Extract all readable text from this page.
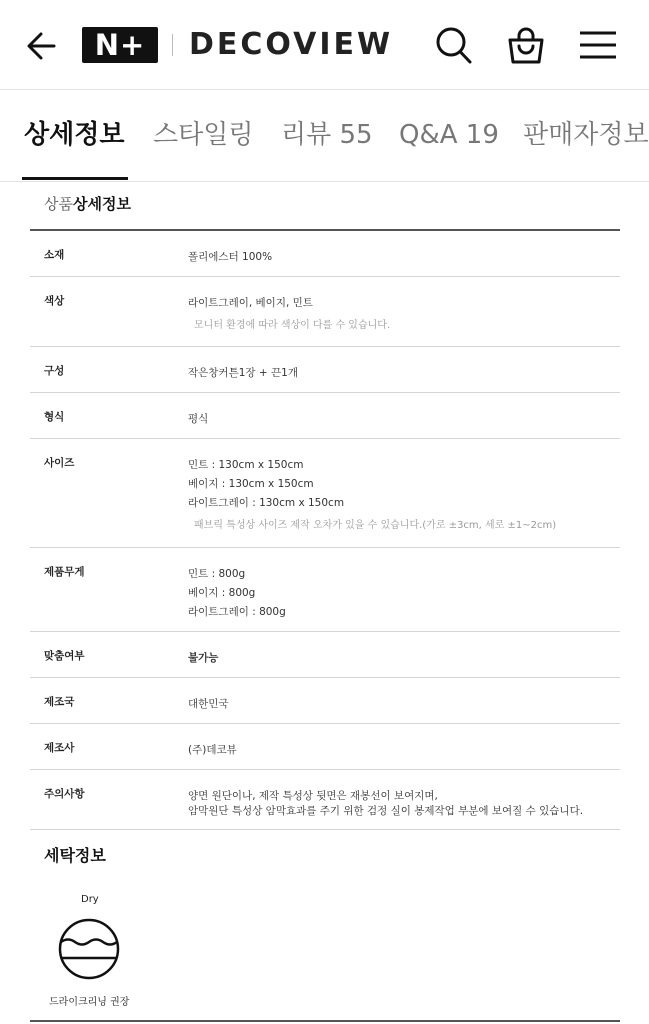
N+	DECOVIEW
상세정보 스타일링 리뷰 55 Q&A 19 판매자정보
상품상세정보
소재	폴리에스터 100%
색상	라이트그레이, 베이지, 민트
모니터 환경에 따라 색상이 다를 수 있습니다.
구성	작은창커튼1장 + 끈1개
형식	평식
사이즈	민트 : 130cm x 150cm
베이지 : 130cm x 150cm
라이트그레이 : 130cm x 150cm
패브릭 특성상 사이즈 제작 오차가 있을 수 있습니다.(가로 ±3cm, 세로 ±1~2cm)
제품무게	민트 : 800g
베이지 : 800g
라이트그레이 : 800g
맞춤여부	불가능
제조국	대한민국
제조사	(주)데코뷰
주의사항	양면 원단이나, 제작 특성상 뒷면은 재봉선이 보여지며,
암막원단 특성상 암막효과를 주기 위한 검정 실이 봉제작업 부분에 보여질 수 있습니다.
세탁정보
Dry
드라이크리닝 권장
